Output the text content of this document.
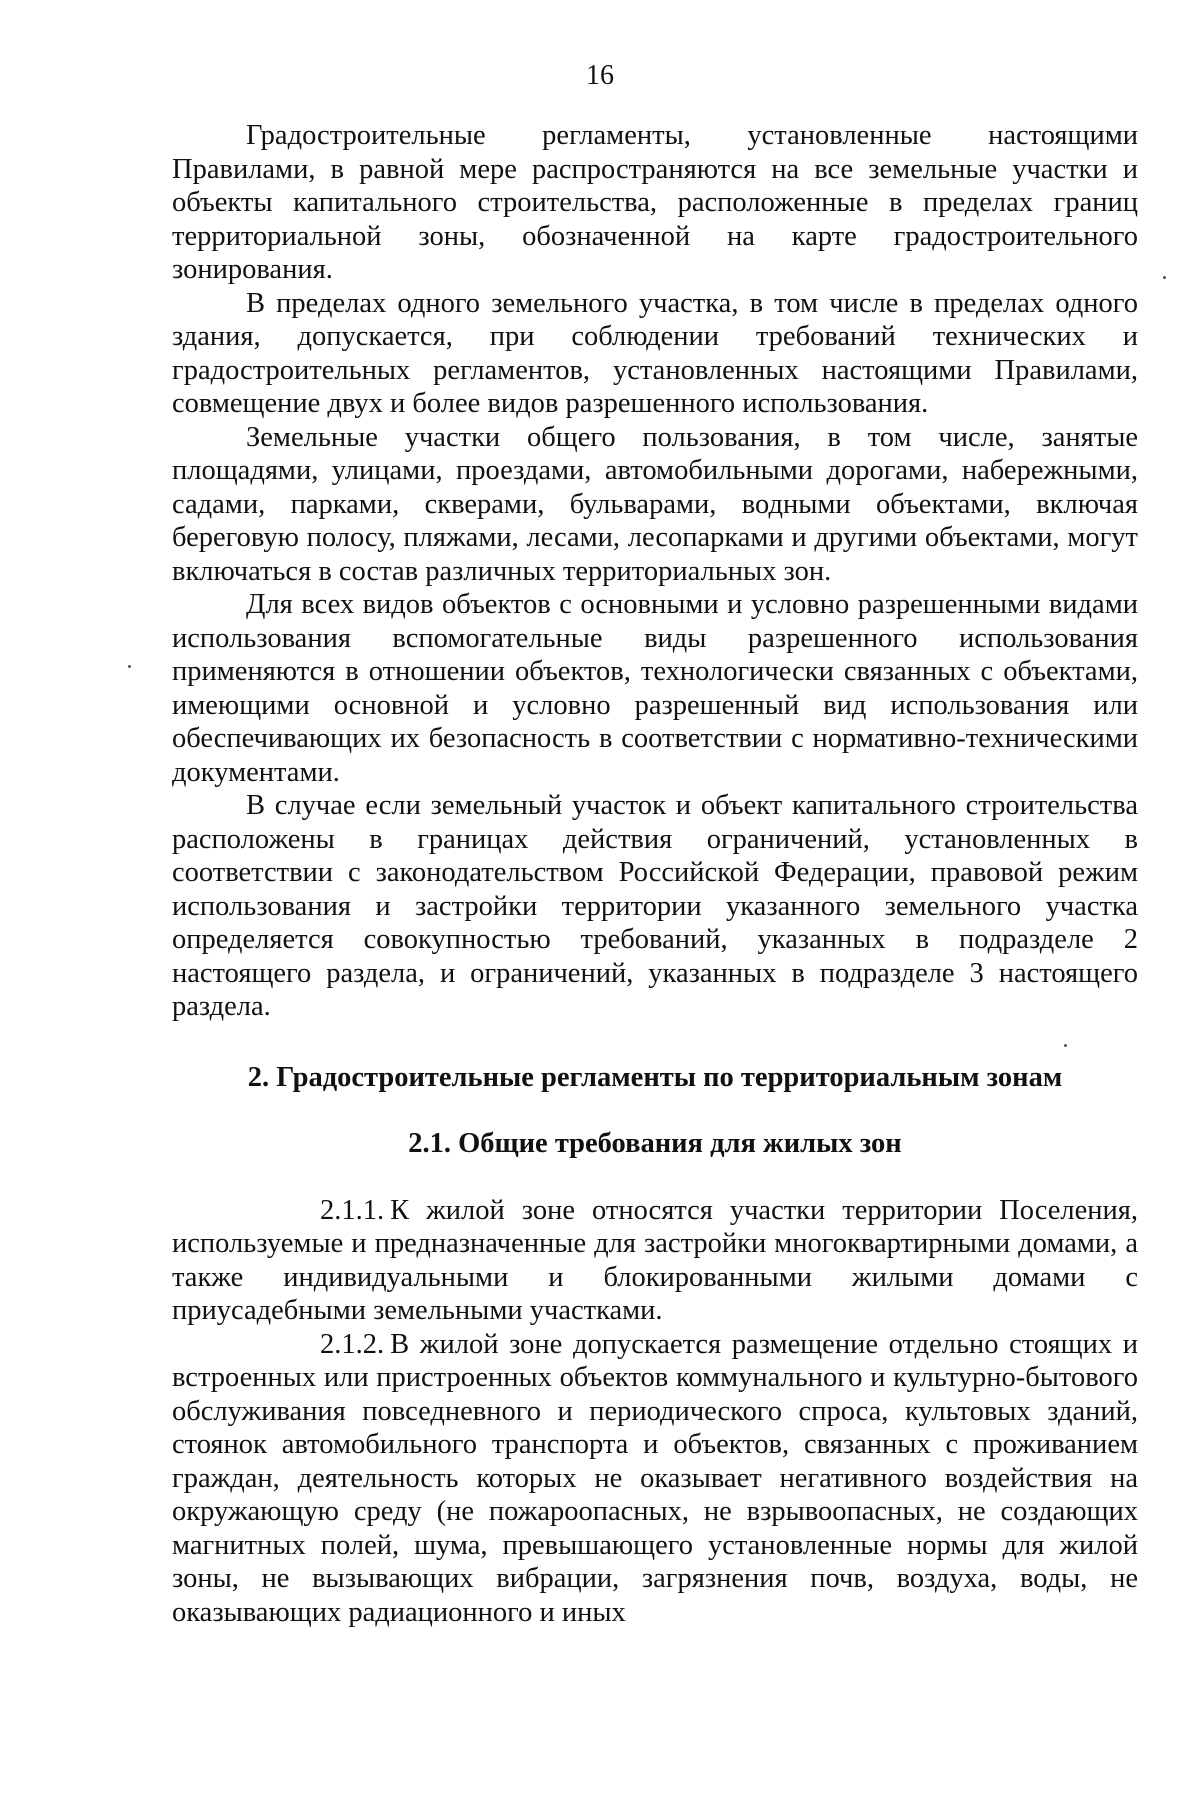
16

Градостроительные регламенты, установленные настоящими Правилами, в равной мере распространяются на все земельные участки и объекты капитального строительства, расположенные в пределах границ территориальной зоны, обозначенной на карте градостроительного зонирования.

В пределах одного земельного участка, в том числе в пределах одного здания, допускается, при соблюдении требований технических и градостроительных регламентов, установленных настоящими Правилами, совмещение двух и более видов разрешенного использования.

Земельные участки общего пользования, в том числе, занятые площадями, улицами, проездами, автомобильными дорогами, набережными, садами, парками, скверами, бульварами, водными объектами, включая береговую полосу, пляжами, лесами, лесопарками и другими объектами, могут включаться в состав различных территориальных зон.

Для всех видов объектов с основными и условно разрешенными видами использования вспомогательные виды разрешенного использования применяются в отношении объектов, технологически связанных с объектами, имеющими основной и условно разрешенный вид использования или обеспечивающих их безопасность в соответствии с нормативно-техническими документами.

В случае если земельный участок и объект капитального строительства расположены в границах действия ограничений, установленных в соответствии с законодательством Российской Федерации, правовой режим использования и застройки территории указанного земельного участка определяется совокупностью требований, указанных в подразделе 2 настоящего раздела, и ограничений, указанных в подразделе 3 настоящего раздела.

2. Градостроительные регламенты по территориальным зонам
2.1. Общие требования для жилых зон

2.1.1. К жилой зоне относятся участки территории Поселения, используемые и предназначенные для застройки многоквартирными домами, а также индивидуальными и блокированными жилыми домами с приусадебными земельными участками.

2.1.2. В жилой зоне допускается размещение отдельно стоящих и встроенных или пристроенных объектов коммунального и культурно-бытового обслуживания повседневного и периодического спроса, культовых зданий, стоянок автомобильного транспорта и объектов, связанных с проживанием граждан, деятельность которых не оказывает негативного воздействия на окружающую среду (не пожароопасных, не взрывоопасных, не создающих магнитных полей, шума, превышающего установленные нормы для жилой зоны, не вызывающих вибрации, загрязнения почв, воздуха, воды, не оказывающих радиационного и иных
